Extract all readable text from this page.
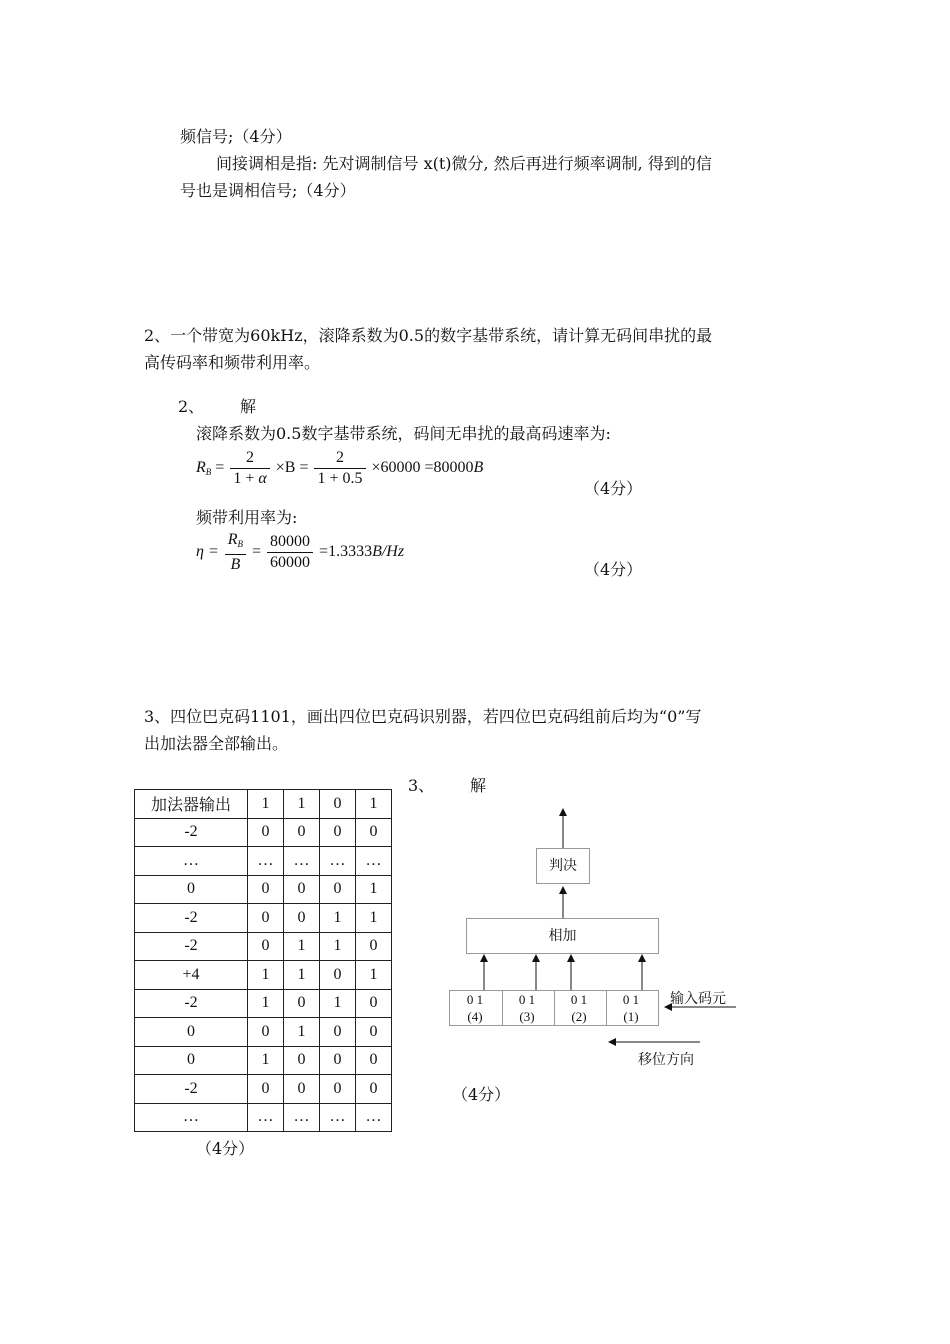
频信号;（4分）
间接调相是指: 先对调制信号 x(t)微分, 然后再进行频率调制, 得到的信
号也是调相信号;（4分）
2、一个带宽为60kHz，滚降系数为0.5的数字基带系统，请计算无码间串扰的最
高传码率和频带利用率。
2、 解
滚降系数为0.5数字基带系统，码间无串扰的最高码速率为:
$R_B = \frac{2}{1 + \alpha} \times B = \frac{2}{1 + 0.5} \times 60000 =80000B$
（4分）
频带利用率为:
$\eta = \frac{R_B}{B} = \frac{80000}{60000} =1.3333B/Hz$
（4分）
3、四位巴克码1101，画出四位巴克码识别器，若四位巴克码组前后均为“0”写
出加法器全部输出。
3、 解
加法器输出	1	1	0	1
-2	0	0	0	0
…	…	…	…	…
0	0	0	0	1
-2	0	0	1	1
-2	0	1	1	0
+4	1	1	0	1
-2	1	0	1	0
0	0	1	0	0
0	1	0	0	0
-2	0	0	0	0
…	…	…	…	…
（4分）
判决
相加
0 1
(4)
0 1
(3)
0 1
(2)
0 1
(1)
输入码元
移位方向
（4分）
